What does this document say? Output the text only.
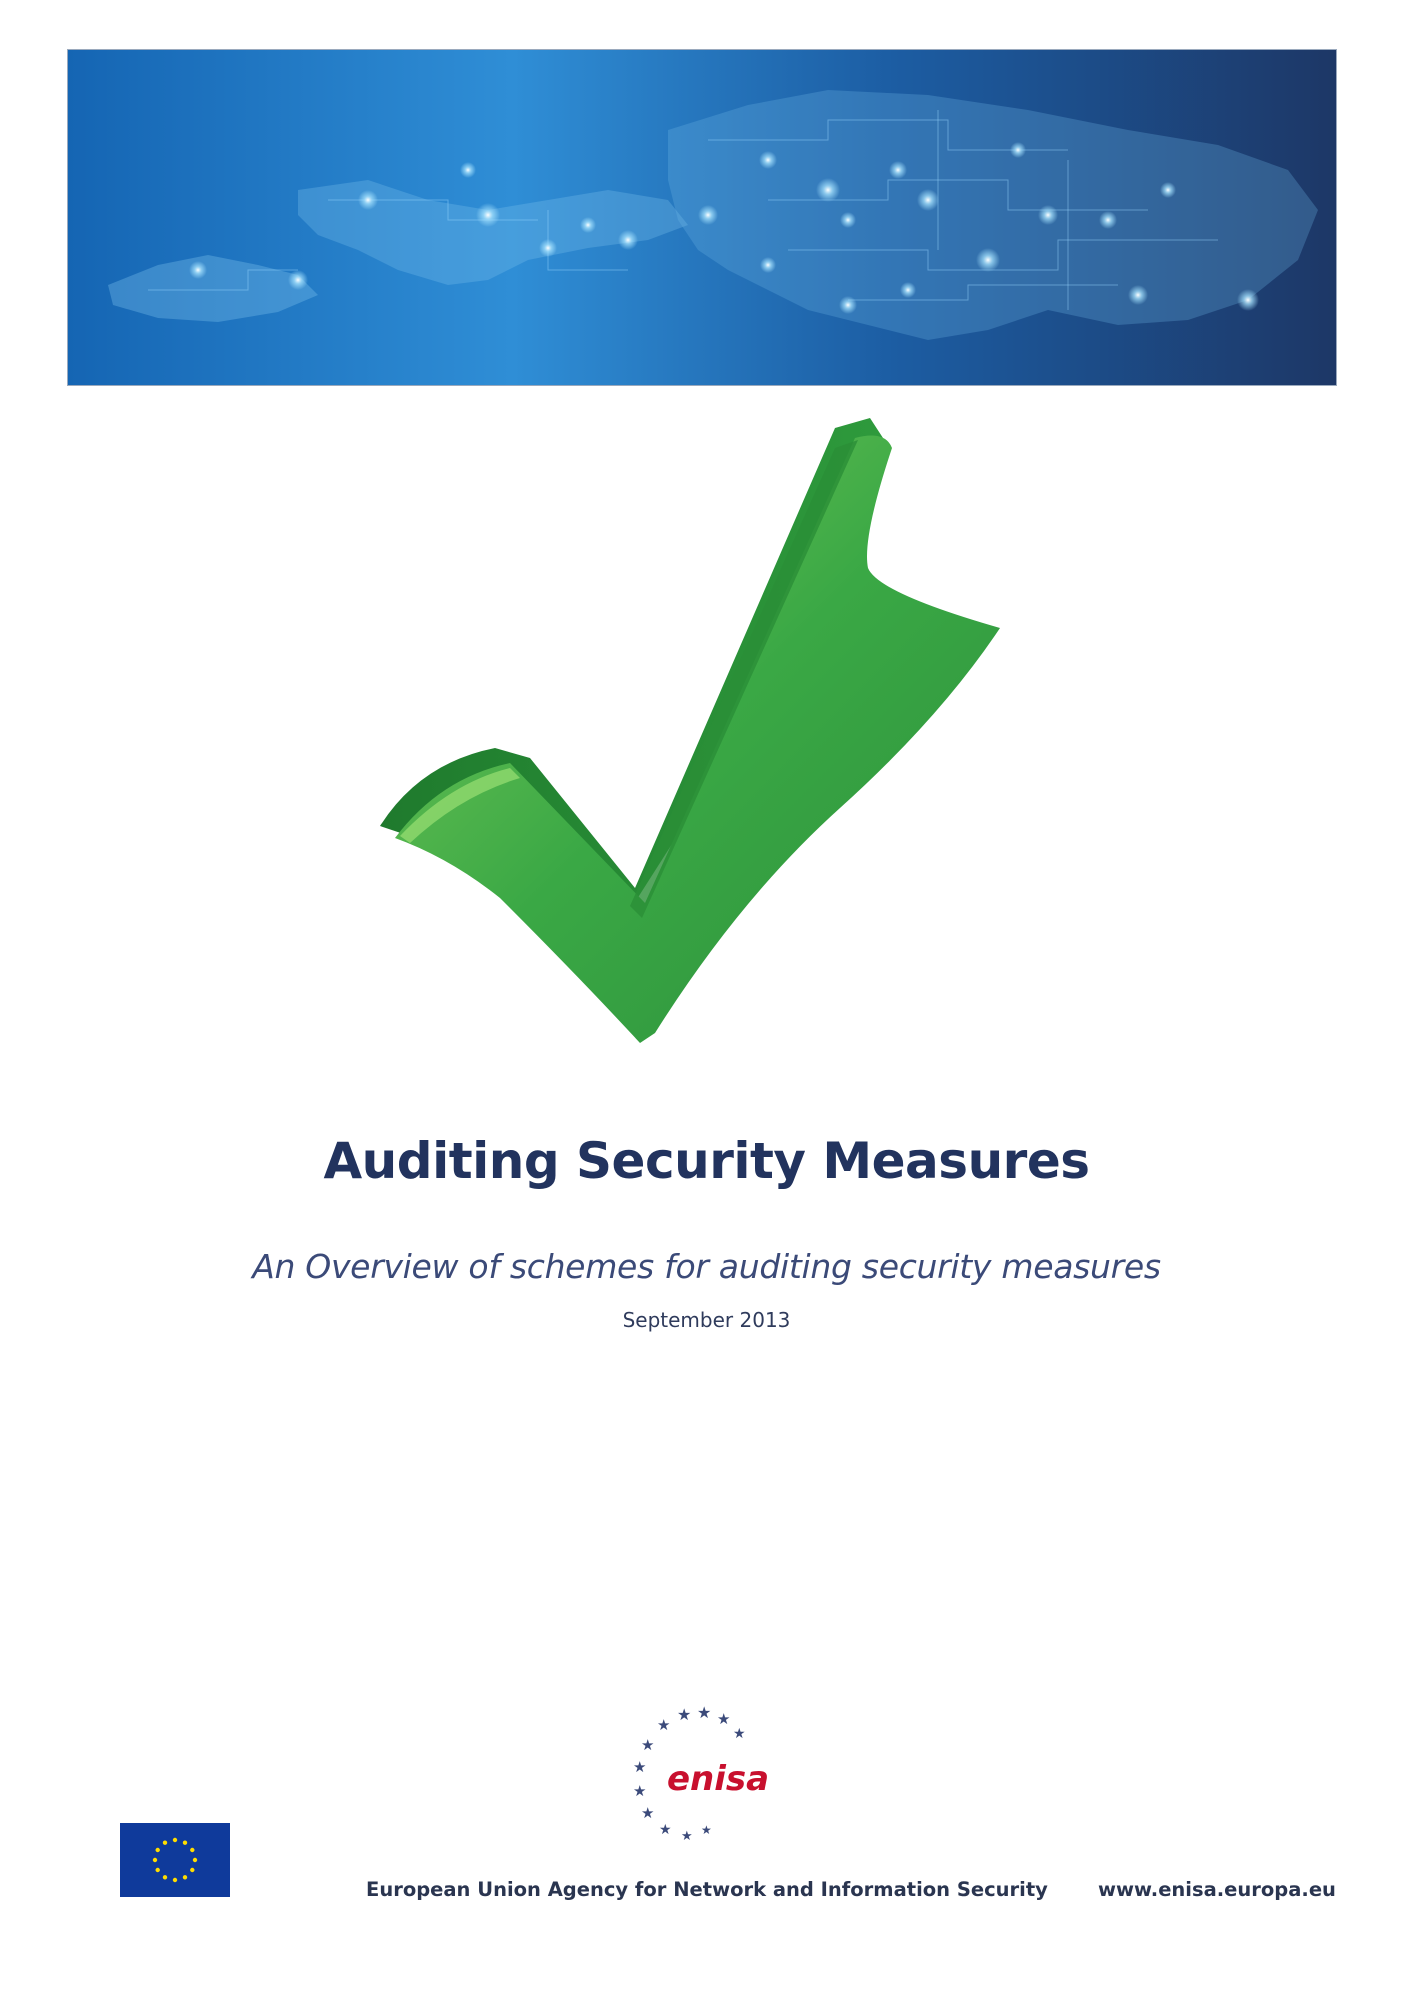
Auditing Security Measures
An Overview of schemes for auditing security measures
September 2013
★ ★ ★
★	★
★
★
★
★
★ ★ ★
enisa
European Union Agency for Network and Information Security	www.enisa.europa.eu
